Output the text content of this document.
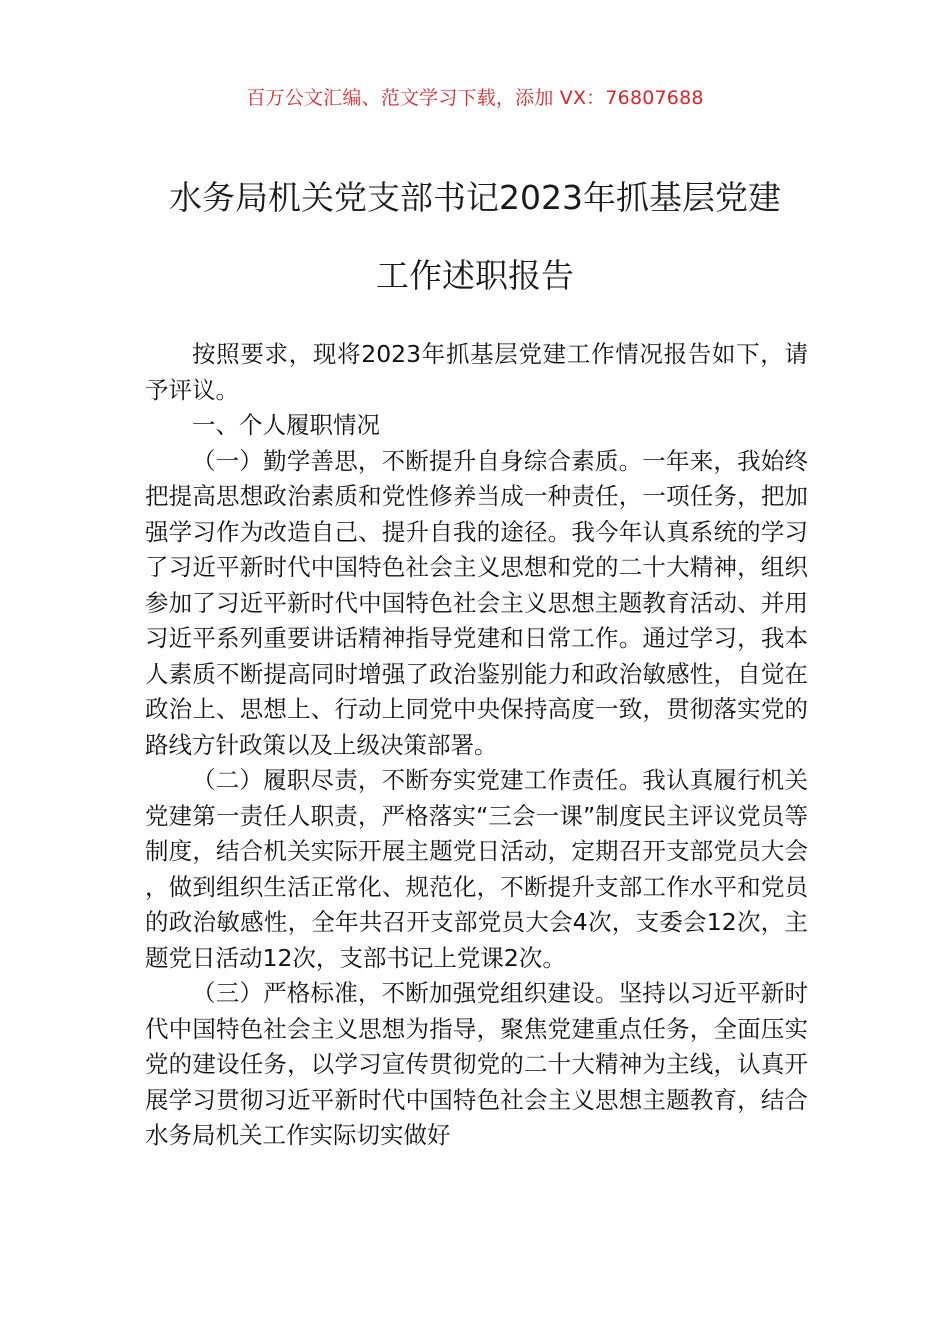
百万公文汇编、范文学习下载，添加 VX：76807688
水务局机关党支部书记2023年抓基层党建
工作述职报告

按照要求，现将2023年抓基层党建工作情况报告如下，请予评议。

一、个人履职情况

（一）勤学善思，不断提升自身综合素质。一年来，我始终把提高思想政治素质和党性修养当成一种责任，一项任务，把加强学习作为改造自己、提升自我的途径。我今年认真系统的学习了习近平新时代中国特色社会主义思想和党的二十大精神，组织参加了习近平新时代中国特色社会主义思想主题教育活动、并用习近平系列重要讲话精神指导党建和日常工作。通过学习，我本人素质不断提高同时增强了政治鉴别能力和政治敏感性，自觉在政治上、思想上、行动上同党中央保持高度一致，贯彻落实党的路线方针政策以及上级决策部署。

（二）履职尽责，不断夯实党建工作责任。我认真履行机关党建第一责任人职责，严格落实“三会一课”制度民主评议党员等制度，结合机关实际开展主题党日活动，定期召开支部党员大会，做到组织生活正常化、规范化，不断提升支部工作水平和党员的政治敏感性，全年共召开支部党员大会4次，支委会12次，主题党日活动12次，支部书记上党课2次。

（三）严格标准，不断加强党组织建设。坚持以习近平新时代中国特色社会主义思想为指导，聚焦党建重点任务，全面压实党的建设任务，以学习宣传贯彻党的二十大精神为主线，认真开展学习贯彻习近平新时代中国特色社会主义思想主题教育，结合水务局机关工作实际切实做好
